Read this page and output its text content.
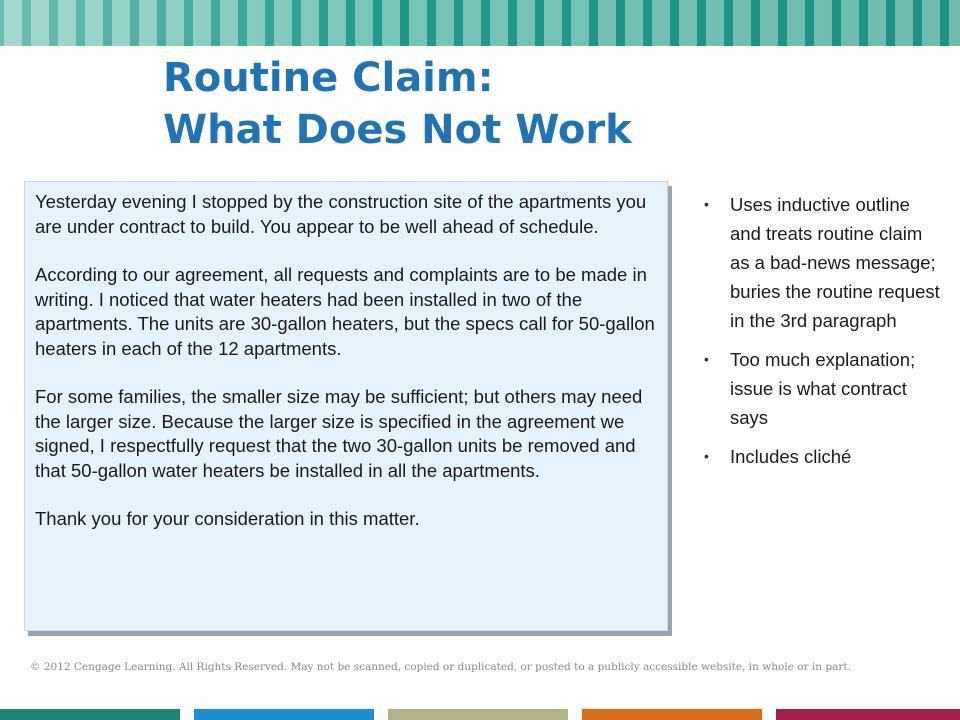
Routine Claim:
What Does Not Work

Yesterday evening I stopped by the construction site of the apartments you are under contract to build. You appear to be well ahead of schedule.

According to our agreement, all requests and complaints are to be made in writing. I noticed that water heaters had been installed in two of the apartments. The units are 30-gallon heaters, but the specs call for 50-gallon heaters in each of the 12 apartments.

For some families, the smaller size may be sufficient; but others may need the larger size. Because the larger size is specified in the agreement we signed, I respectfully request that the two 30-gallon units be removed and that 50-gallon water heaters be installed in all the apartments.

Thank you for your consideration in this matter.

• Uses inductive outline and treats routine claim as a bad-news message; buries the routine request in the 3rd paragraph
• Too much explanation; issue is what contract says
• Includes cliché
© 2012 Cengage Learning. All Rights Reserved. May not be scanned, copied or duplicated, or posted to a publicly accessible website, in whole or in part.
